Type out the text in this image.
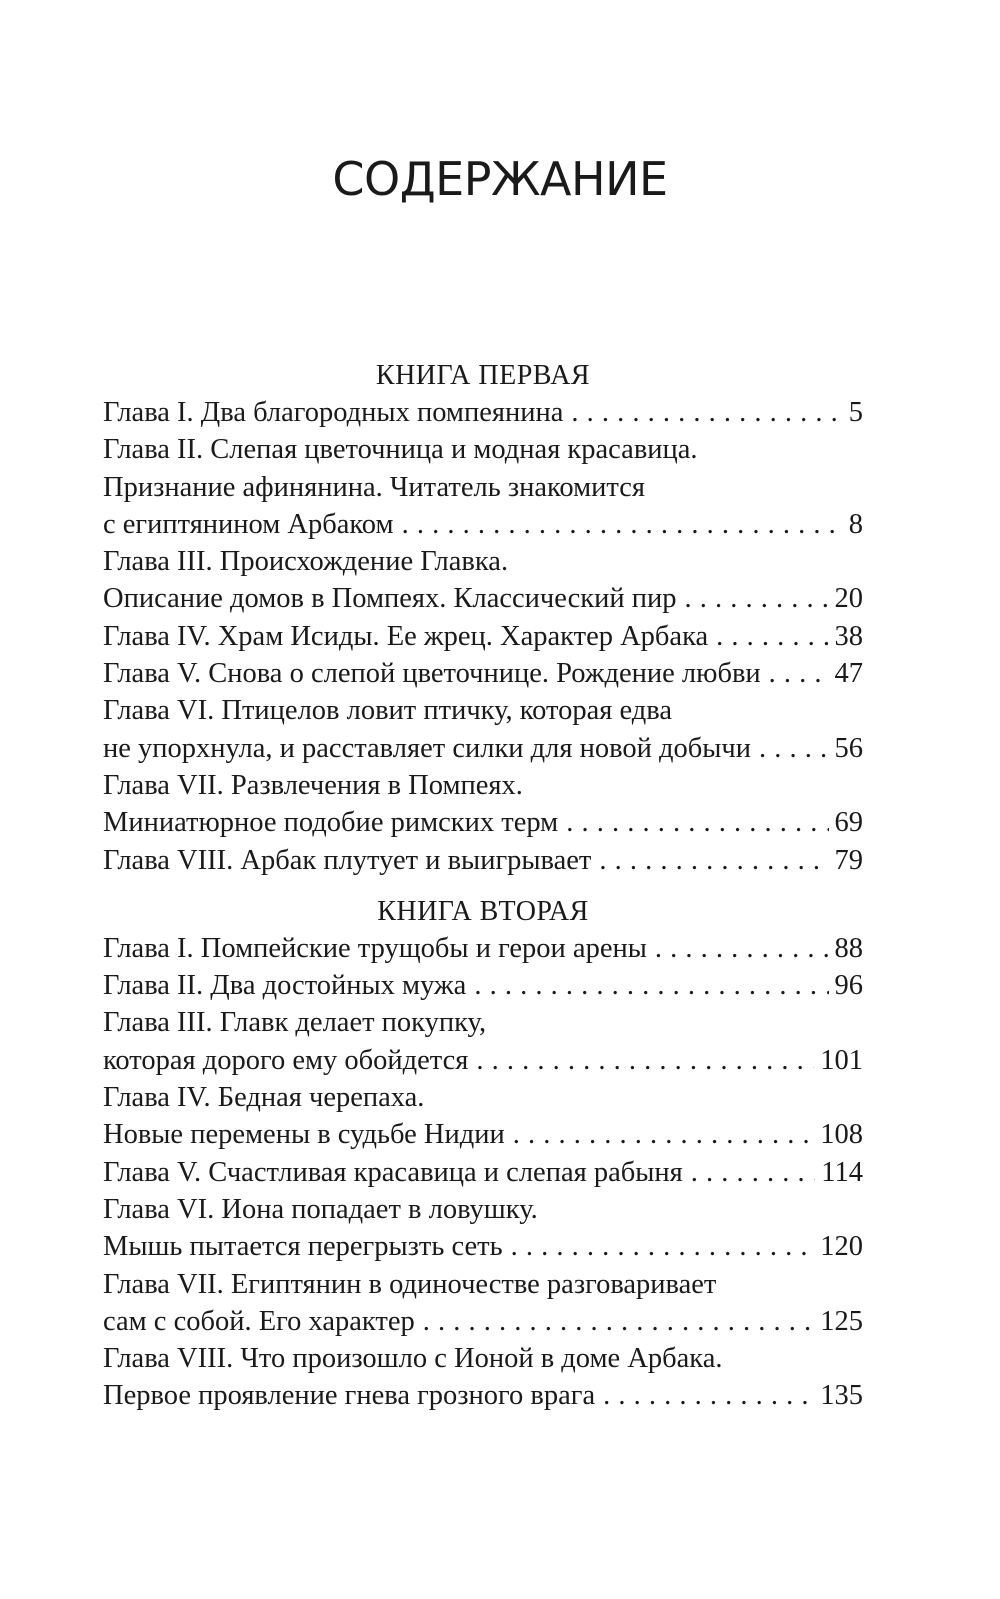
СОДЕРЖАНИЕ
КНИГА ПЕРВАЯ
Глава I. Два благородных помпеянина . . .	5
Глава II. Слепая цветочница и модная красавица.
Признание афинянина. Читатель знакомится
с египтянином Арбаком . . .	8
Глава III. Происхождение Главка.
Описание домов в Помпеях. Классический пир . . .	20
Глава IV. Храм Исиды. Ее жрец. Характер Арбака . . .	38
Глава V. Снова о слепой цветочнице. Рождение любви . . .	47
Глава VI. Птицелов ловит птичку, которая едва
не упорхнула, и расставляет силки для новой добычи . . .	56
Глава VII. Развлечения в Помпеях.
Миниатюрное подобие римских терм . . .	69
Глава VIII. Арбак плутует и выигрывает . . .	79
КНИГА ВТОРАЯ
Глава I. Помпейские трущобы и герои арены . . .	88
Глава II. Два достойных мужа . . .	96
Глава III. Главк делает покупку,
которая дорого ему обойдется . . .	101
Глава IV. Бедная черепаха.
Новые перемены в судьбе Нидии . . .	108
Глава V. Счастливая красавица и слепая рабыня . . .	114
Глава VI. Иона попадает в ловушку.
Мышь пытается перегрызть сеть . . .	120
Глава VII. Египтянин в одиночестве разговаривает
сам с собой. Его характер . . .	125
Глава VIII. Что произошло с Ионой в доме Арбака.
Первое проявление гнева грозного врага . . .	135
